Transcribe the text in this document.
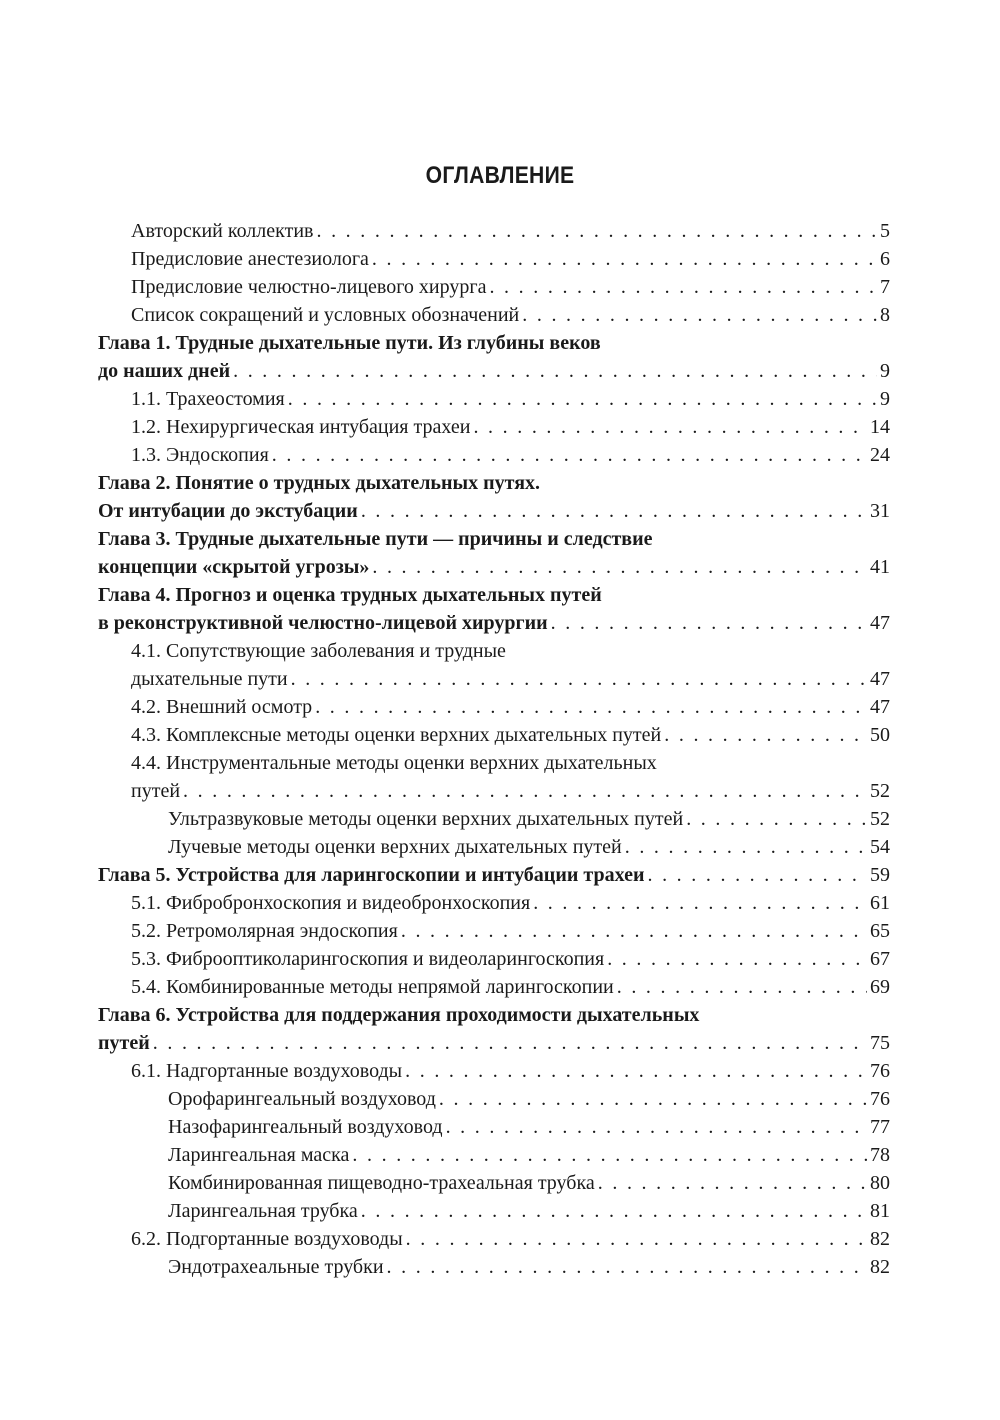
ОГЛАВЛЕНИЕ
Авторский коллектив . . .	5
Предисловие анестезиолога . . .	6
Предисловие челюстно-лицевого хирурга . . .	7
Список сокращений и условных обозначений . . .	8
Глава 1. Трудные дыхательные пути. Из глубины веков
до наших дней . . .	9
1.1. Трахеостомия . . .	9
1.2. Нехирургическая интубация трахеи . . .	14
1.3. Эндоскопия . . .	24
Глава 2. Понятие о трудных дыхательных путях.
От интубации до экстубации . . .	31
Глава 3. Трудные дыхательные пути — причины и следствие
концепции «скрытой угрозы» . . .	41
Глава 4. Прогноз и оценка трудных дыхательных путей
в реконструктивной челюстно-лицевой хирургии . . .	47
4.1. Сопутствующие заболевания и трудные
дыхательные пути . . .	47
4.2. Внешний осмотр . . .	47
4.3. Комплексные методы оценки верхних дыхательных путей . . .	50
4.4. Инструментальные методы оценки верхних дыхательных
путей . . .	52
Ультразвуковые методы оценки верхних дыхательных путей . . .	52
Лучевые методы оценки верхних дыхательных путей . . .	54
Глава 5. Устройства для ларингоскопии и интубации трахеи . . .	59
5.1. Фибробронхоскопия и видеобронхоскопия . . .	61
5.2. Ретромолярная эндоскопия . . .	65
5.3. Фиброоптиколарингоскопия и видеоларингоскопия . . .	67
5.4. Комбинированные методы непрямой ларингоскопии . . .	69
Глава 6. Устройства для поддержания проходимости дыхательных
путей . . .	75
6.1. Надгортанные воздуховоды . . .	76
Орофарингеальный воздуховод . . .	76
Назофарингеальный воздуховод . . .	77
Ларингеальная маска . . .	78
Комбинированная пищеводно-трахеальная трубка . . .	80
Ларингеальная трубка . . .	81
6.2. Подгортанные воздуховоды . . .	82
Эндотрахеальные трубки . . .	82
